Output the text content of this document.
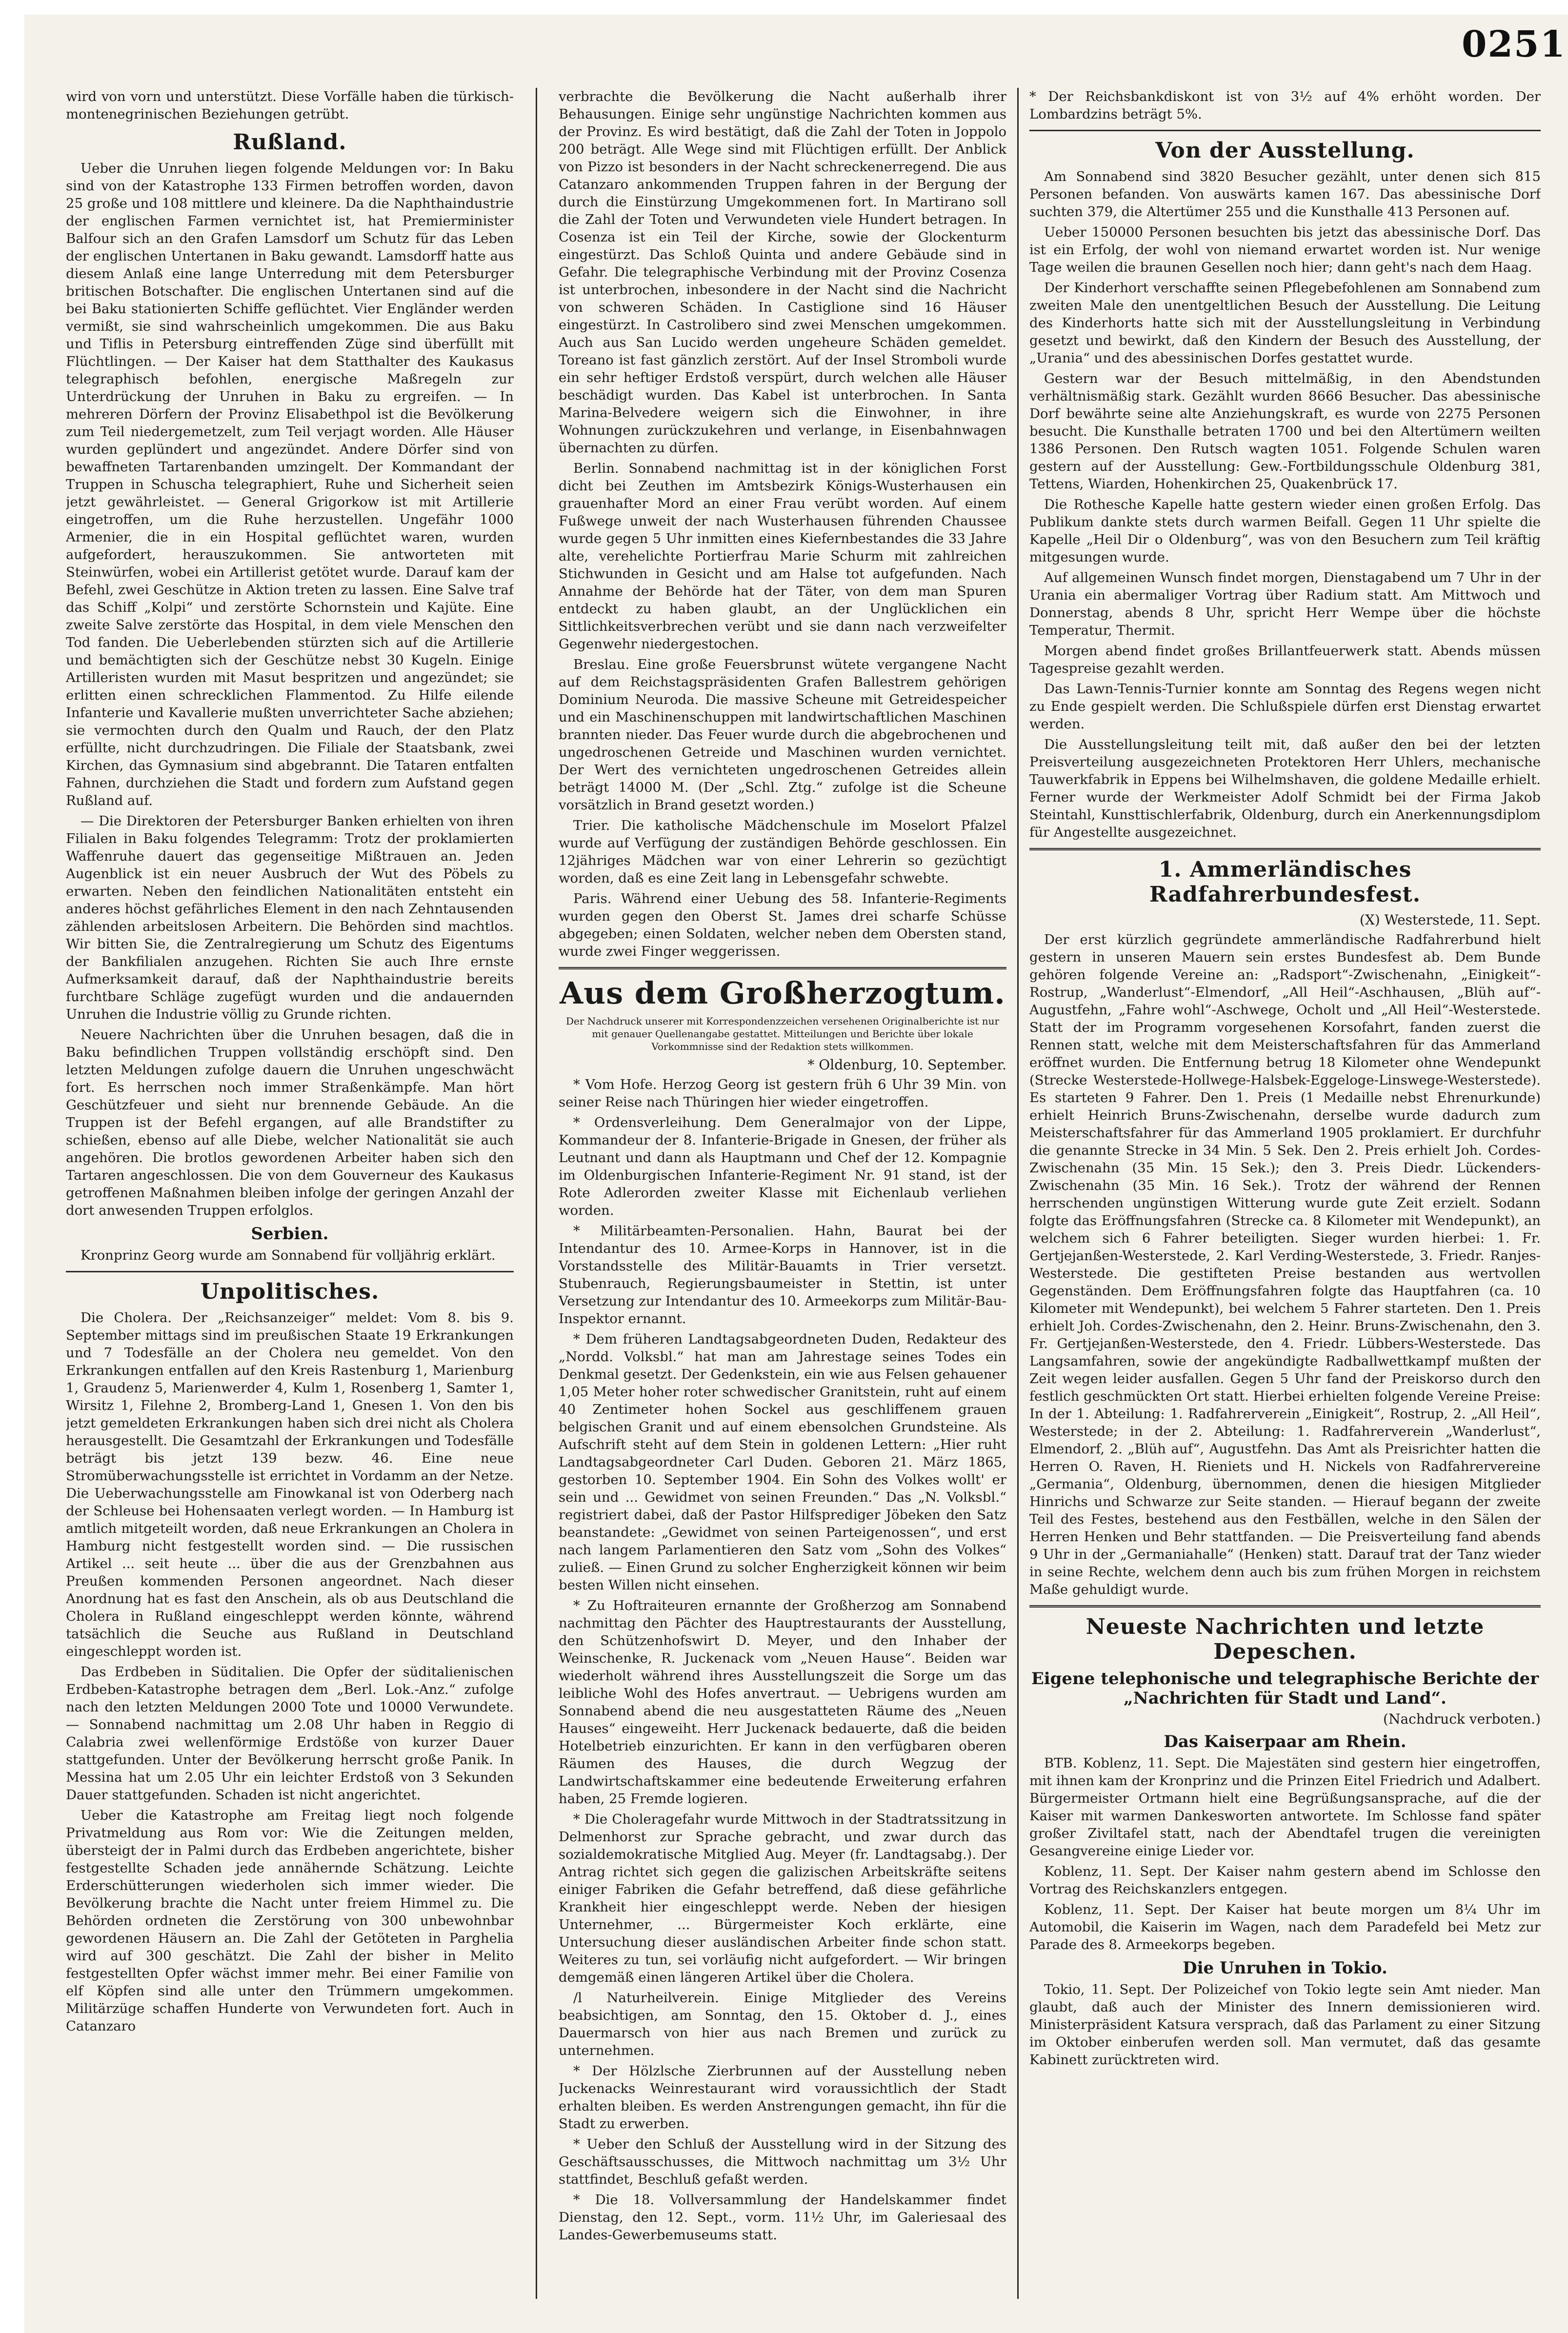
0251

wird von vorn und unterstützt. Diese Vorfälle haben die türkisch-montenegrinischen Beziehungen getrübt.

Rußland.

Ueber die Unruhen liegen folgende Meldungen vor: In Baku sind von der Katastrophe 133 Firmen betroffen worden, davon 25 große und 108 mittlere und kleinere. Da die Naphthaindustrie der englischen Farmen vernichtet ist, hat Premierminister Balfour sich an den Grafen Lamsdorf um Schutz für das Leben der englischen Untertanen in Baku gewandt. Lamsdorff hatte aus diesem Anlaß eine lange Unterredung mit dem Petersburger britischen Botschafter. Die englischen Untertanen sind auf die bei Baku stationierten Schiffe geflüchtet. Vier Engländer werden vermißt, sie sind wahrscheinlich umgekommen. Die aus Baku und Tiflis in Petersburg eintreffenden Züge sind überfüllt mit Flüchtlingen. — Der Kaiser hat dem Statthalter des Kaukasus telegraphisch befohlen, energische Maßregeln zur Unterdrückung der Unruhen in Baku zu ergreifen. — In mehreren Dörfern der Provinz Elisabethpol ist die Bevölkerung zum Teil niedergemetzelt, zum Teil verjagt worden. Alle Häuser wurden geplündert und angezündet. Andere Dörfer sind von bewaffneten Tartarenbanden umzingelt. Der Kommandant der Truppen in Schuscha telegraphiert, Ruhe und Sicherheit seien jetzt gewährleistet. — General Grigorkow ist mit Artillerie eingetroffen, um die Ruhe herzustellen. Ungefähr 1000 Armenier, die in ein Hospital geflüchtet waren, wurden aufgefordert, herauszukommen. Sie antworteten mit Steinwürfen, wobei ein Artillerist getötet wurde. Darauf kam der Befehl, zwei Geschütze in Aktion treten zu lassen. Eine Salve traf das Schiff „Kolpi“ und zerstörte Schornstein und Kajüte. Eine zweite Salve zerstörte das Hospital, in dem viele Menschen den Tod fanden. Die Ueberlebenden stürzten sich auf die Artillerie und bemächtigten sich der Geschütze nebst 30 Kugeln. Einige Artilleristen wurden mit Masut bespritzen und angezündet; sie erlitten einen schrecklichen Flammentod. Zu Hilfe eilende Infanterie und Kavallerie mußten unverrichteter Sache abziehen; sie vermochten durch den Qualm und Rauch, der den Platz erfüllte, nicht durchzudringen. Die Filiale der Staatsbank, zwei Kirchen, das Gymnasium sind abgebrannt. Die Tataren entfalten Fahnen, durchziehen die Stadt und fordern zum Aufstand gegen Rußland auf.

— Die Direktoren der Petersburger Banken erhielten von ihren Filialen in Baku folgendes Telegramm: Trotz der proklamierten Waffenruhe dauert das gegenseitige Mißtrauen an. Jeden Augenblick ist ein neuer Ausbruch der Wut des Pöbels zu erwarten. Neben den feindlichen Nationalitäten entsteht ein anderes höchst gefährliches Element in den nach Zehntausenden zählenden arbeitslosen Arbeitern. Die Behörden sind machtlos. Wir bitten Sie, die Zentralregierung um Schutz des Eigentums der Bankfilialen anzugehen. Richten Sie auch Ihre ernste Aufmerksamkeit darauf, daß der Naphthaindustrie bereits furchtbare Schläge zugefügt wurden und die andauernden Unruhen die Industrie völlig zu Grunde richten.

Neuere Nachrichten über die Unruhen besagen, daß die in Baku befindlichen Truppen vollständig erschöpft sind. Den letzten Meldungen zufolge dauern die Unruhen ungeschwächt fort. Es herrschen noch immer Straßenkämpfe. Man hört Geschützfeuer und sieht nur brennende Gebäude. An die Truppen ist der Befehl ergangen, auf alle Brandstifter zu schießen, ebenso auf alle Diebe, welcher Nationalität sie auch angehören. Die brotlos gewordenen Arbeiter haben sich den Tartaren angeschlossen. Die von dem Gouverneur des Kaukasus getroffenen Maßnahmen bleiben infolge der geringen Anzahl der dort anwesenden Truppen erfolglos.

Serbien.

Kronprinz Georg wurde am Sonnabend für volljährig erklärt.

Unpolitisches.

Die Cholera. Der „Reichsanzeiger“ meldet: Vom 8. bis 9. September mittags sind im preußischen Staate 19 Erkrankungen und 7 Todesfälle an der Cholera neu gemeldet. Von den Erkrankungen entfallen auf den Kreis Rastenburg 1, Marienburg 1, Graudenz 5, Marienwerder 4, Kulm 1, Rosenberg 1, Samter 1, Wirsitz 1, Filehne 2, Bromberg-Land 1, Gnesen 1. Von den bis jetzt gemeldeten Erkrankungen haben sich drei nicht als Cholera herausgestellt. Die Gesamtzahl der Erkrankungen und Todesfälle beträgt bis jetzt 139 bezw. 46. Eine neue Stromüberwachungsstelle ist errichtet in Vordamm an der Netze. Die Ueberwachungsstelle am Finowkanal ist von Oderberg nach der Schleuse bei Hohensaaten verlegt worden. — In Hamburg ist amtlich mitgeteilt worden, daß neue Erkrankungen an Cholera in Hamburg nicht festgestellt worden sind. — Die russischen Artikel ... seit heute ... über die aus der Grenzbahnen aus Preußen kommenden Personen angeordnet. Nach dieser Anordnung hat es fast den Anschein, als ob aus Deutschland die Cholera in Rußland eingeschleppt werden könnte, während tatsächlich die Seuche aus Rußland in Deutschland eingeschleppt worden ist.

Das Erdbeben in Süditalien. Die Opfer der süditalienischen Erdbeben-Katastrophe betragen dem „Berl. Lok.-Anz.“ zufolge nach den letzten Meldungen 2000 Tote und 10000 Verwundete. — Sonnabend nachmittag um 2.08 Uhr haben in Reggio di Calabria zwei wellenförmige Erdstöße von kurzer Dauer stattgefunden. Unter der Bevölkerung herrscht große Panik. In Messina hat um 2.05 Uhr ein leichter Erdstoß von 3 Sekunden Dauer stattgefunden. Schaden ist nicht angerichtet.

Ueber die Katastrophe am Freitag liegt noch folgende Privatmeldung aus Rom vor: Wie die Zeitungen melden, übersteigt der in Palmi durch das Erdbeben angerichtete, bisher festgestellte Schaden jede annähernde Schätzung. Leichte Erderschütterungen wiederholen sich immer wieder. Die Bevölkerung brachte die Nacht unter freiem Himmel zu. Die Behörden ordneten die Zerstörung von 300 unbewohnbar gewordenen Häusern an. Die Zahl der Getöteten in Parghelia wird auf 300 geschätzt. Die Zahl der bisher in Melito festgestellten Opfer wächst immer mehr. Bei einer Familie von elf Köpfen sind alle unter den Trümmern umgekommen. Militärzüge schaffen Hunderte von Verwundeten fort. Auch in Catanzaro

verbrachte die Bevölkerung die Nacht außerhalb ihrer Behausungen. Einige sehr ungünstige Nachrichten kommen aus der Provinz. Es wird bestätigt, daß die Zahl der Toten in Joppolo 200 beträgt. Alle Wege sind mit Flüchtigen erfüllt. Der Anblick von Pizzo ist besonders in der Nacht schreckenerregend. Die aus Catanzaro ankommenden Truppen fahren in der Bergung der durch die Einstürzung Umgekommenen fort. In Martirano soll die Zahl der Toten und Verwundeten viele Hundert betragen. In Cosenza ist ein Teil der Kirche, sowie der Glockenturm eingestürzt. Das Schloß Quinta und andere Gebäude sind in Gefahr. Die telegraphische Verbindung mit der Provinz Cosenza ist unterbrochen, inbesondere in der Nacht sind die Nachricht von schweren Schäden. In Castiglione sind 16 Häuser eingestürzt. In Castrolibero sind zwei Menschen umgekommen. Auch aus San Lucido werden ungeheure Schäden gemeldet. Toreano ist fast gänzlich zerstört. Auf der Insel Stromboli wurde ein sehr heftiger Erdstoß verspürt, durch welchen alle Häuser beschädigt wurden. Das Kabel ist unterbrochen. In Santa Marina-Belvedere weigern sich die Einwohner, in ihre Wohnungen zurückzukehren und verlange, in Eisenbahnwagen übernachten zu dürfen.

Berlin. Sonnabend nachmittag ist in der königlichen Forst dicht bei Zeuthen im Amtsbezirk Königs-Wusterhausen ein grauenhafter Mord an einer Frau verübt worden. Auf einem Fußwege unweit der nach Wusterhausen führenden Chaussee wurde gegen 5 Uhr inmitten eines Kiefernbestandes die 33 Jahre alte, verehelichte Portierfrau Marie Schurm mit zahlreichen Stichwunden in Gesicht und am Halse tot aufgefunden. Nach Annahme der Behörde hat der Täter, von dem man Spuren entdeckt zu haben glaubt, an der Unglücklichen ein Sittlichkeitsverbrechen verübt und sie dann nach verzweifelter Gegenwehr niedergestochen.

Breslau. Eine große Feuersbrunst wütete vergangene Nacht auf dem Reichstagspräsidenten Grafen Ballestrem gehörigen Dominium Neuroda. Die massive Scheune mit Getreidespeicher und ein Maschinenschuppen mit landwirtschaftlichen Maschinen brannten nieder. Das Feuer wurde durch die abgebrochenen und ungedroschenen Getreide und Maschinen wurden vernichtet. Der Wert des vernichteten ungedroschenen Getreides allein beträgt 14000 M. (Der „Schl. Ztg.“ zufolge ist die Scheune vorsätzlich in Brand gesetzt worden.)

Trier. Die katholische Mädchenschule im Moselort Pfalzel wurde auf Verfügung der zuständigen Behörde geschlossen. Ein 12jähriges Mädchen war von einer Lehrerin so gezüchtigt worden, daß es eine Zeit lang in Lebensgefahr schwebte.

Paris. Während einer Uebung des 58. Infanterie-Regiments wurden gegen den Oberst St. James drei scharfe Schüsse abgegeben; einen Soldaten, welcher neben dem Obersten stand, wurde zwei Finger weggerissen.

Aus dem Großherzogtum.

Der Nachdruck unserer mit Korrespondenzzeichen versehenen Originalberichte ist nur mit genauer Quellenangabe gestattet. Mitteilungen und Berichte über lokale Vorkommnisse sind der Redaktion stets willkommen.

* Oldenburg, 10. September.

* Vom Hofe. Herzog Georg ist gestern früh 6 Uhr 39 Min. von seiner Reise nach Thüringen hier wieder eingetroffen.

* Ordensverleihung. Dem Generalmajor von der Lippe, Kommandeur der 8. Infanterie-Brigade in Gnesen, der früher als Leutnant und dann als Hauptmann und Chef der 12. Kompagnie im Oldenburgischen Infanterie-Regiment Nr. 91 stand, ist der Rote Adlerorden zweiter Klasse mit Eichenlaub verliehen worden.

* Militärbeamten-Personalien. Hahn, Baurat bei der Intendantur des 10. Armee-Korps in Hannover, ist in die Vorstandsstelle des Militär-Bauamts in Trier versetzt. Stubenrauch, Regierungsbaumeister in Stettin, ist unter Versetzung zur Intendantur des 10. Armeekorps zum Militär-Bau-Inspektor ernannt.

* Dem früheren Landtagsabgeordneten Duden, Redakteur des „Nordd. Volksbl.“ hat man am Jahrestage seines Todes ein Denkmal gesetzt. Der Gedenkstein, ein wie aus Felsen gehauener 1,05 Meter hoher roter schwedischer Granitstein, ruht auf einem 40 Zentimeter hohen Sockel aus geschliffenem grauen belgischen Granit und auf einem ebensolchen Grundsteine. Als Aufschrift steht auf dem Stein in goldenen Lettern: „Hier ruht Landtagsabgeordneter Carl Duden. Geboren 21. März 1865, gestorben 10. September 1904. Ein Sohn des Volkes wollt' er sein und ... Gewidmet von seinen Freunden.“ Das „N. Volksbl.“ registriert dabei, daß der Pastor Hilfsprediger Jöbeken den Satz beanstandete: „Gewidmet von seinen Parteigenossen“, und erst nach langem Parlamentieren den Satz vom „Sohn des Volkes“ zuließ. — Einen Grund zu solcher Engherzigkeit können wir beim besten Willen nicht einsehen.

* Zu Hoftraiteuren ernannte der Großherzog am Sonnabend nachmittag den Pächter des Hauptrestaurants der Ausstellung, den Schützenhofswirt D. Meyer, und den Inhaber der Weinschenke, R. Juckenack vom „Neuen Hause“. Beiden war wiederholt während ihres Ausstellungszeit die Sorge um das leibliche Wohl des Hofes anvertraut. — Uebrigens wurden am Sonnabend abend die neu ausgestatteten Räume des „Neuen Hauses“ eingeweiht. Herr Juckenack bedauerte, daß die beiden Hotelbetrieb einzurichten. Er kann in den verfügbaren oberen Räumen des Hauses, die durch Wegzug der Landwirtschaftskammer eine bedeutende Erweiterung erfahren haben, 25 Fremde logieren.

* Die Choleragefahr wurde Mittwoch in der Stadtratssitzung in Delmenhorst zur Sprache gebracht, und zwar durch das sozialdemokratische Mitglied Aug. Meyer (fr. Landtagsabg.). Der Antrag richtet sich gegen die galizischen Arbeitskräfte seitens einiger Fabriken die Gefahr betreffend, daß diese gefährliche Krankheit hier eingeschleppt werde. Neben der hiesigen Unternehmer, ... Bürgermeister Koch erklärte, eine Untersuchung dieser ausländischen Arbeiter finde schon statt. Weiteres zu tun, sei vorläufig nicht aufgefordert. — Wir bringen demgemäß einen längeren Artikel über die Cholera.

/l Naturheilverein. Einige Mitglieder des Vereins beabsichtigen, am Sonntag, den 15. Oktober d. J., eines Dauermarsch von hier aus nach Bremen und zurück zu unternehmen.

* Der Hölzlsche Zierbrunnen auf der Ausstellung neben Juckenacks Weinrestaurant wird voraussichtlich der Stadt erhalten bleiben. Es werden Anstrengungen gemacht, ihn für die Stadt zu erwerben.

* Ueber den Schluß der Ausstellung wird in der Sitzung des Geschäftsausschusses, die Mittwoch nachmittag um 3½ Uhr stattfindet, Beschluß gefaßt werden.

* Die 18. Vollversammlung der Handelskammer findet Dienstag, den 12. Sept., vorm. 11½ Uhr, im Galeriesaal des Landes-Gewerbemuseums statt.

* Der Reichsbankdiskont ist von 3½ auf 4% erhöht worden. Der Lombardzins beträgt 5%.

Von der Ausstellung.

Am Sonnabend sind 3820 Besucher gezählt, unter denen sich 815 Personen befanden. Von auswärts kamen 167. Das abessinische Dorf suchten 379, die Altertümer 255 und die Kunsthalle 413 Personen auf.

Ueber 150000 Personen besuchten bis jetzt das abessinische Dorf. Das ist ein Erfolg, der wohl von niemand erwartet worden ist. Nur wenige Tage weilen die braunen Gesellen noch hier; dann geht's nach dem Haag.

Der Kinderhort verschaffte seinen Pflegebefohlenen am Sonnabend zum zweiten Male den unentgeltlichen Besuch der Ausstellung. Die Leitung des Kinderhorts hatte sich mit der Ausstellungsleitung in Verbindung gesetzt und bewirkt, daß den Kindern der Besuch des Ausstellung, der „Urania“ und des abessinischen Dorfes gestattet wurde.

Gestern war der Besuch mittelmäßig, in den Abendstunden verhältnismäßig stark. Gezählt wurden 8666 Besucher. Das abessinische Dorf bewährte seine alte Anziehungskraft, es wurde von 2275 Personen besucht. Die Kunsthalle betraten 1700 und bei den Altertümern weilten 1386 Personen. Den Rutsch wagten 1051. Folgende Schulen waren gestern auf der Ausstellung: Gew.-Fortbildungsschule Oldenburg 381, Tettens, Wiarden, Hohenkirchen 25, Quakenbrück 17.

Die Rothesche Kapelle hatte gestern wieder einen großen Erfolg. Das Publikum dankte stets durch warmen Beifall. Gegen 11 Uhr spielte die Kapelle „Heil Dir o Oldenburg“, was von den Besuchern zum Teil kräftig mitgesungen wurde.

Auf allgemeinen Wunsch findet morgen, Dienstagabend um 7 Uhr in der Urania ein abermaliger Vortrag über Radium statt. Am Mittwoch und Donnerstag, abends 8 Uhr, spricht Herr Wempe über die höchste Temperatur, Thermit.

Morgen abend findet großes Brillantfeuerwerk statt. Abends müssen Tagespreise gezahlt werden.

Das Lawn-Tennis-Turnier konnte am Sonntag des Regens wegen nicht zu Ende gespielt werden. Die Schlußspiele dürfen erst Dienstag erwartet werden.

Die Ausstellungsleitung teilt mit, daß außer den bei der letzten Preisverteilung ausgezeichneten Protektoren Herr Uhlers, mechanische Tauwerkfabrik in Eppens bei Wilhelmshaven, die goldene Medaille erhielt. Ferner wurde der Werkmeister Adolf Schmidt bei der Firma Jakob Steintahl, Kunsttischlerfabrik, Oldenburg, durch ein Anerkennungsdiplom für Angestellte ausgezeichnet.

1. Ammerländisches Radfahrerbundesfest.
(X) Westerstede, 11. Sept.

Der erst kürzlich gegründete ammerländische Radfahrerbund hielt gestern in unseren Mauern sein erstes Bundesfest ab. Dem Bunde gehören folgende Vereine an: „Radsport“-Zwischenahn, „Einigkeit“-Rostrup, „Wanderlust“-Elmendorf, „All Heil“-Aschhausen, „Blüh auf“-Augustfehn, „Fahre wohl“-Aschwege, Ocholt und „All Heil“-Westerstede. Statt der im Programm vorgesehenen Korsofahrt, fanden zuerst die Rennen statt, welche mit dem Meisterschaftsfahren für das Ammerland eröffnet wurden. Die Entfernung betrug 18 Kilometer ohne Wendepunkt (Strecke Westerstede-Hollwege-Halsbek-Eggeloge-Linswege-Westerstede). Es starteten 9 Fahrer. Den 1. Preis (1 Medaille nebst Ehrenurkunde) erhielt Heinrich Bruns-Zwischenahn, derselbe wurde dadurch zum Meisterschaftsfahrer für das Ammerland 1905 proklamiert. Er durchfuhr die genannte Strecke in 34 Min. 5 Sek. Den 2. Preis erhielt Joh. Cordes-Zwischenahn (35 Min. 15 Sek.); den 3. Preis Diedr. Lückenders-Zwischenahn (35 Min. 16 Sek.). Trotz der während der Rennen herrschenden ungünstigen Witterung wurde gute Zeit erzielt. Sodann folgte das Eröffnungsfahren (Strecke ca. 8 Kilometer mit Wendepunkt), an welchem sich 6 Fahrer beteiligten. Sieger wurden hierbei: 1. Fr. Gertjejanßen-Westerstede, 2. Karl Verding-Westerstede, 3. Friedr. Ranjes-Westerstede. Die gestifteten Preise bestanden aus wertvollen Gegenständen. Dem Eröffnungsfahren folgte das Hauptfahren (ca. 10 Kilometer mit Wendepunkt), bei welchem 5 Fahrer starteten. Den 1. Preis erhielt Joh. Cordes-Zwischenahn, den 2. Heinr. Bruns-Zwischenahn, den 3. Fr. Gertjejanßen-Westerstede, den 4. Friedr. Lübbers-Westerstede. Das Langsamfahren, sowie der angekündigte Radballwettkampf mußten der Zeit wegen leider ausfallen. Gegen 5 Uhr fand der Preiskorso durch den festlich geschmückten Ort statt. Hierbei erhielten folgende Vereine Preise: In der 1. Abteilung: 1. Radfahrerverein „Einigkeit“, Rostrup, 2. „All Heil“, Westerstede; in der 2. Abteilung: 1. Radfahrerverein „Wanderlust“, Elmendorf, 2. „Blüh auf“, Augustfehn. Das Amt als Preisrichter hatten die Herren O. Raven, H. Rieniets und H. Nickels von Radfahrervereine „Germania“, Oldenburg, übernommen, denen die hiesigen Mitglieder Hinrichs und Schwarze zur Seite standen. — Hierauf begann der zweite Teil des Festes, bestehend aus den Festbällen, welche in den Sälen der Herren Henken und Behr stattfanden. — Die Preisverteilung fand abends 9 Uhr in der „Germaniahalle“ (Henken) statt. Darauf trat der Tanz wieder in seine Rechte, welchem denn auch bis zum frühen Morgen in reichstem Maße gehuldigt wurde.

Neueste Nachrichten und letzte Depeschen.
Eigene telephonische und telegraphische Berichte der „Nachrichten für Stadt und Land“.
(Nachdruck verboten.)
Das Kaiserpaar am Rhein.

BTB. Koblenz, 11. Sept. Die Majestäten sind gestern hier eingetroffen, mit ihnen kam der Kronprinz und die Prinzen Eitel Friedrich und Adalbert. Bürgermeister Ortmann hielt eine Begrüßungsansprache, auf die der Kaiser mit warmen Dankesworten antwortete. Im Schlosse fand später großer Ziviltafel statt, nach der Abendtafel trugen die vereinigten Gesangvereine einige Lieder vor.

Koblenz, 11. Sept. Der Kaiser nahm gestern abend im Schlosse den Vortrag des Reichskanzlers entgegen.

Koblenz, 11. Sept. Der Kaiser hat beute morgen um 8¼ Uhr im Automobil, die Kaiserin im Wagen, nach dem Paradefeld bei Metz zur Parade des 8. Armeekorps begeben.

Die Unruhen in Tokio.

Tokio, 11. Sept. Der Polizeichef von Tokio legte sein Amt nieder. Man glaubt, daß auch der Minister des Innern demissionieren wird. Ministerpräsident Katsura versprach, daß das Parlament zu einer Sitzung im Oktober einberufen werden soll. Man vermutet, daß das gesamte Kabinett zurücktreten wird.
